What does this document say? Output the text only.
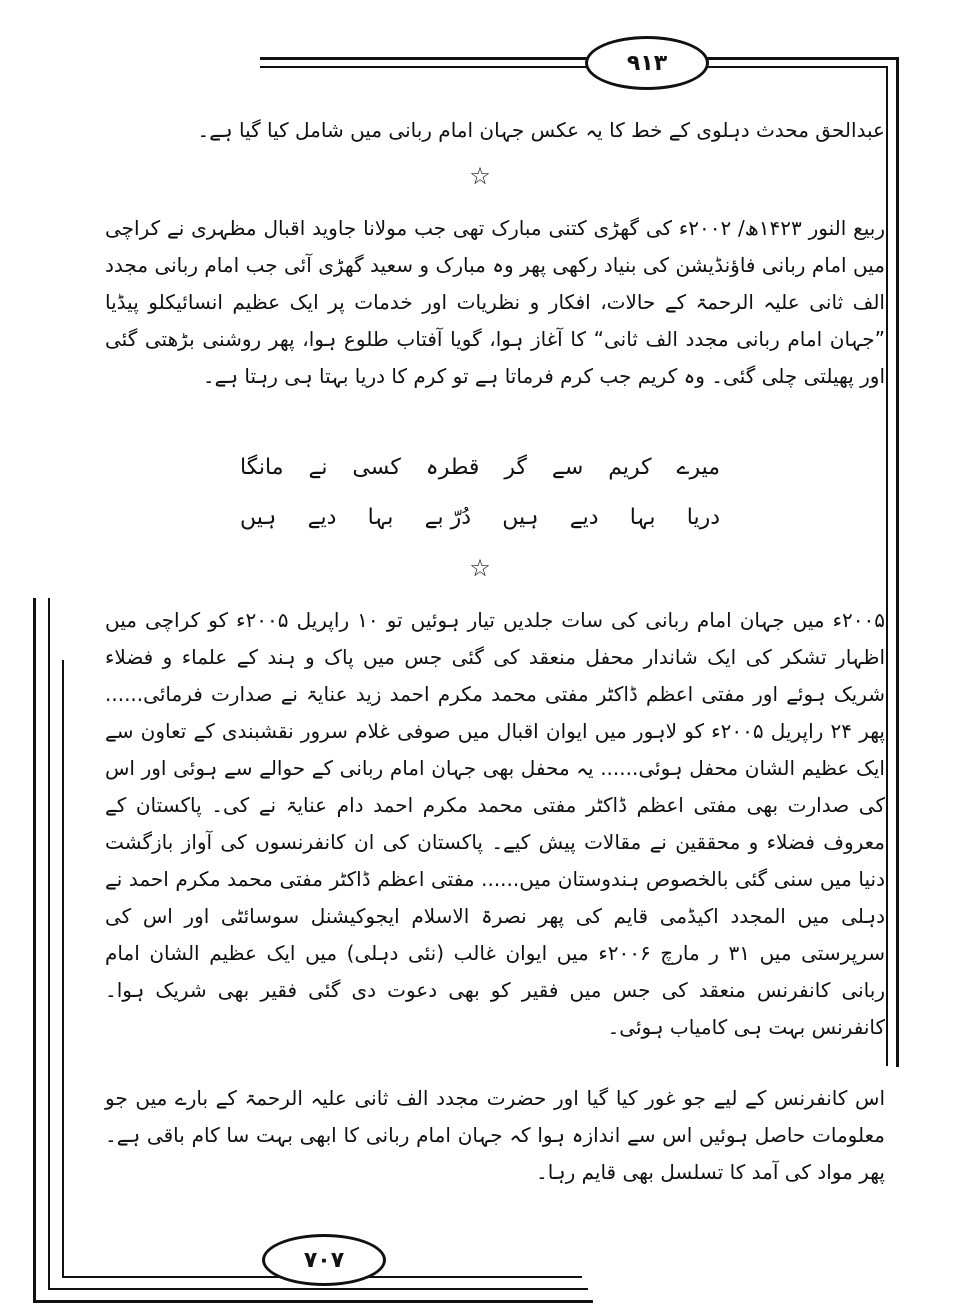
۹۱۳

عبدالحق محدث دہلوی کے خط کا یہ عکس جہان امام ربانی میں شامل کیا گیا ہے۔

☆

ربیع النور ۱۴۲۳ھ/ ۲۰۰۲ء کی گھڑی کتنی مبارک تھی جب مولانا جاوید اقبال مظہری نے کراچی میں امام ربانی فاؤنڈیشن کی بنیاد رکھی پھر وہ مبارک و سعید گھڑی آئی جب امام ربانی مجدد الف ثانی علیہ الرحمۃ کے حالات، افکار و نظریات اور خدمات پر ایک عظیم انسائیکلو پیڈیا ”جہان امام ربانی مجدد الف ثانی“ کا آغاز ہوا، گویا آفتاب طلوع ہوا، پھر روشنی بڑھتی گئی اور پھیلتی چلی گئی۔ وہ کریم جب کرم فرماتا ہے تو کرم کا دریا بہتا ہی رہتا ہے۔

میرے
کریم
سے
گر
قطرہ
کسی
نے
مانگا
دریا
بہا
دیے
ہیں
دُرّ بے
بہا
دیے
ہیں
☆

۲۰۰۵ء میں جہان امام ربانی کی سات جلدیں تیار ہوئیں تو ۱۰ راپریل ۲۰۰۵ء کو کراچی میں اظہار تشکر کی ایک شاندار محفل منعقد کی گئی جس میں پاک و ہند کے علماء و فضلاء شریک ہوئے اور مفتی اعظم ڈاکٹر مفتی محمد مکرم احمد زید عنایۃ نے صدارت فرمائی...... پھر ۲۴ راپریل ۲۰۰۵ء کو لاہور میں ایوان اقبال میں صوفی غلام سرور نقشبندی کے تعاون سے ایک عظیم الشان محفل ہوئی...... یہ محفل بھی جہان امام ربانی کے حوالے سے ہوئی اور اس کی صدارت بھی مفتی اعظم ڈاکٹر مفتی محمد مکرم احمد دام عنایۃ نے کی۔ پاکستان کے معروف فضلاء و محققین نے مقالات پیش کیے۔ پاکستان کی ان کانفرنسوں کی آواز بازگشت دنیا میں سنی گئی بالخصوص ہندوستان میں...... مفتی اعظم ڈاکٹر مفتی محمد مکرم احمد نے دہلی میں المجدد اکیڈمی قایم کی پھر نصرۃ الاسلام ایجوکیشنل سوسائٹی اور اس کی سرپرستی میں ۳۱ ر مارچ ۲۰۰۶ء میں ایوان غالب (نئی دہلی) میں ایک عظیم الشان امام ربانی کانفرنس منعقد کی جس میں فقیر کو بھی دعوت دی گئی فقیر بھی شریک ہوا۔ کانفرنس بہت ہی کامیاب ہوئی۔

اس کانفرنس کے لیے جو غور کیا گیا اور حضرت مجدد الف ثانی علیہ الرحمۃ کے بارے میں جو معلومات حاصل ہوئیں اس سے اندازہ ہوا کہ جہان امام ربانی کا ابھی بہت سا کام باقی ہے۔ پھر مواد کی آمد کا تسلسل بھی قایم رہا۔

۷۰۷
